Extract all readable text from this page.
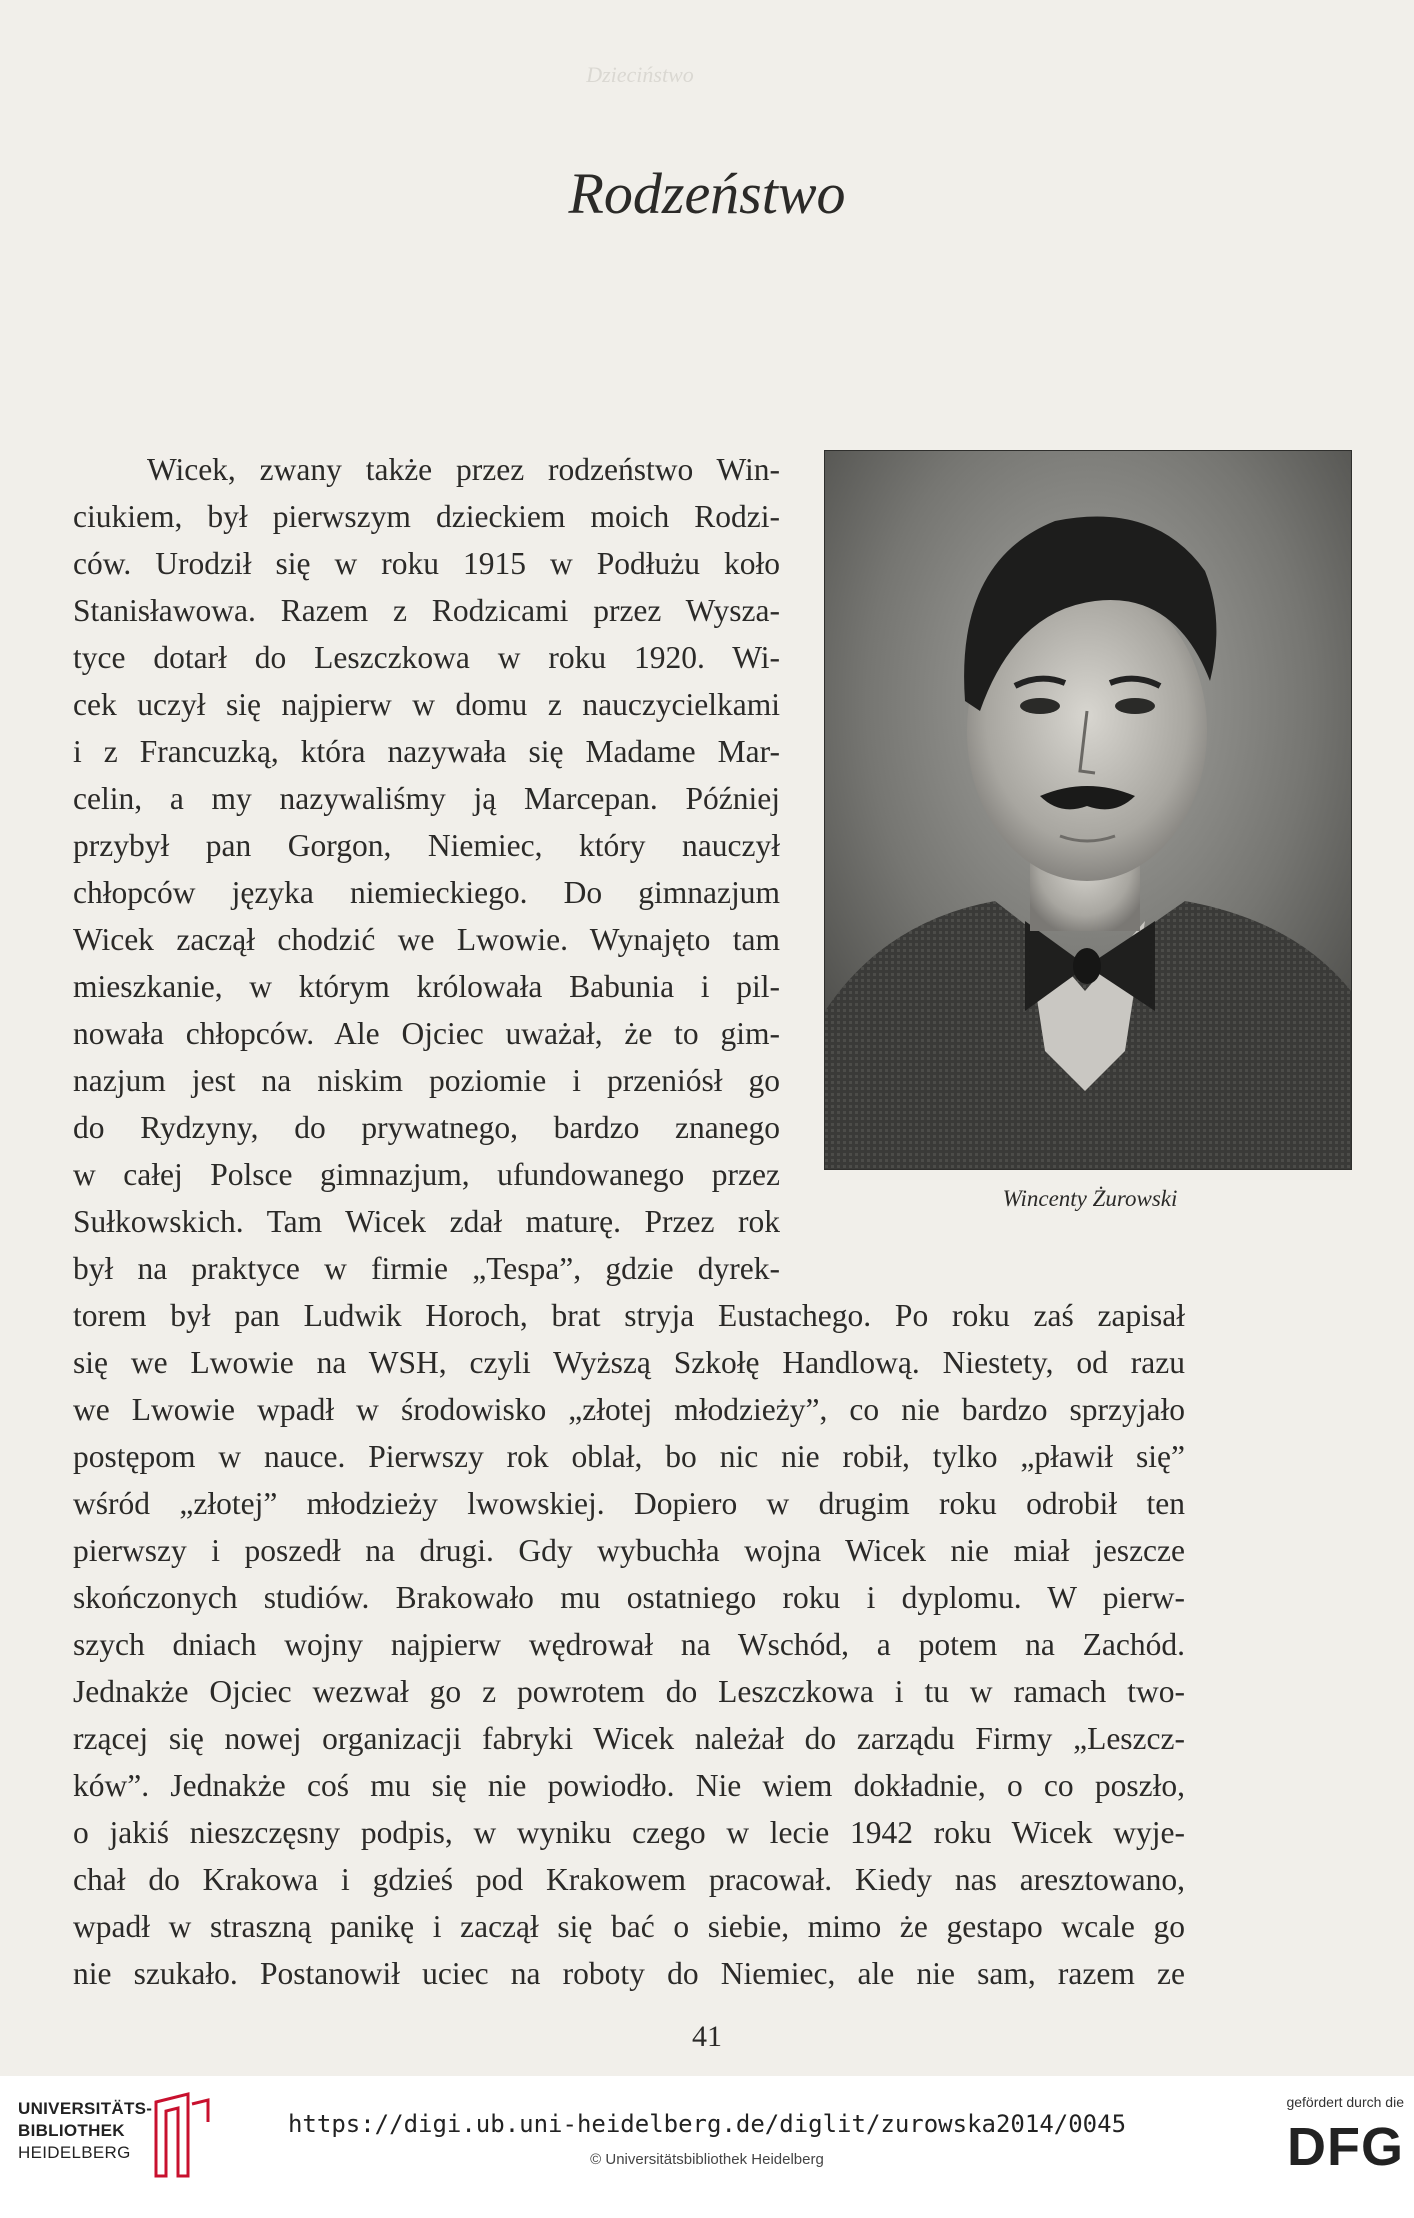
Dzieciństwo
Rodzeństwo
Wicek, zwany także przez rodzeństwo Win-
ciukiem, był pierwszym dzieckiem moich Rodzi-
ców. Urodził się w roku 1915 w Podłużu koło
Stanisławowa. Razem z Rodzicami przez Wysza-
tyce dotarł do Leszczkowa w roku 1920. Wi-
cek uczył się najpierw w domu z nauczycielkami
i z Francuzką, która nazywała się Madame Mar-
celin, a my nazywaliśmy ją Marcepan. Później
przybył pan Gorgon, Niemiec, który nauczył
chłopców języka niemieckiego. Do gimnazjum
Wicek zaczął chodzić we Lwowie. Wynajęto tam
mieszkanie, w którym królowała Babunia i pil-
nowała chłopców. Ale Ojciec uważał, że to gim-
nazjum jest na niskim poziomie i przeniósł go
do Rydzyny, do prywatnego, bardzo znanego
w całej Polsce gimnazjum, ufundowanego przez
Sułkowskich. Tam Wicek zdał maturę. Przez rok
był na praktyce w firmie „Tespa”, gdzie dyrek-
Wincenty Żurowski
torem był pan Ludwik Horoch, brat stryja Eustachego. Po roku zaś zapisał
się we Lwowie na WSH, czyli Wyższą Szkołę Handlową. Niestety, od razu
we Lwowie wpadł w środowisko „złotej młodzieży”, co nie bardzo sprzyjało
postępom w nauce. Pierwszy rok oblał, bo nic nie robił, tylko „pławił się”
wśród „złotej” młodzieży lwowskiej. Dopiero w drugim roku odrobił ten
pierwszy i poszedł na drugi. Gdy wybuchła wojna Wicek nie miał jeszcze
skończonych studiów. Brakowało mu ostatniego roku i dyplomu. W pierw-
szych dniach wojny najpierw wędrował na Wschód, a potem na Zachód.
Jednakże Ojciec wezwał go z powrotem do Leszczkowa i tu w ramach two-
rzącej się nowej organizacji fabryki Wicek należał do zarządu Firmy „Leszcz-
ków”. Jednakże coś mu się nie powiodło. Nie wiem dokładnie, o co poszło,
o jakiś nieszczęsny podpis, w wyniku czego w lecie 1942 roku Wicek wyje-
chał do Krakowa i gdzieś pod Krakowem pracował. Kiedy nas aresztowano,
wpadł w straszną panikę i zaczął się bać o siebie, mimo że gestapo wcale go
nie szukało. Postanowił uciec na roboty do Niemiec, ale nie sam, razem ze
41
UNIVERSITÄTS-
BIBLIOTHEK
HEIDELBERG
https://digi.ub.uni-heidelberg.de/diglit/zurowska2014/0045
© Universitätsbibliothek Heidelberg
gefördert durch die
DFG
